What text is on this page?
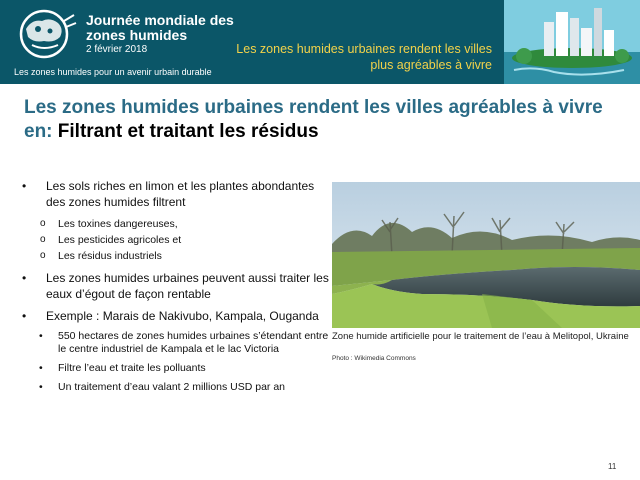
Journée mondiale des zones humides
2 février 2018
Les zones humides pour un avenir urbain durable
Les zones humides urbaines rendent les villes plus agréables à vivre
Les zones humides urbaines rendent les villes agréables à vivre en: Filtrant et traitant les résidus
• Les sols riches en limon et les plantes abondantes des zones humides filtrent
o Les toxines dangereuses,
o Les pesticides agricoles et
o Les résidus industriels
• Les zones humides urbaines peuvent aussi traiter les eaux d’égout de façon rentable
• Exemple : Marais de Nakivubo, Kampala, Ouganda
• 550 hectares de zones humides urbaines s’étendant entre le centre industriel de Kampala et le lac Victoria
• Filtre l’eau et traite les polluants
• Un traitement d’eau valant 2 millions USD par an
Zone humide artificielle pour le traitement de l’eau à Melitopol, Ukraine
Photo : Wikimedia Commons
11
